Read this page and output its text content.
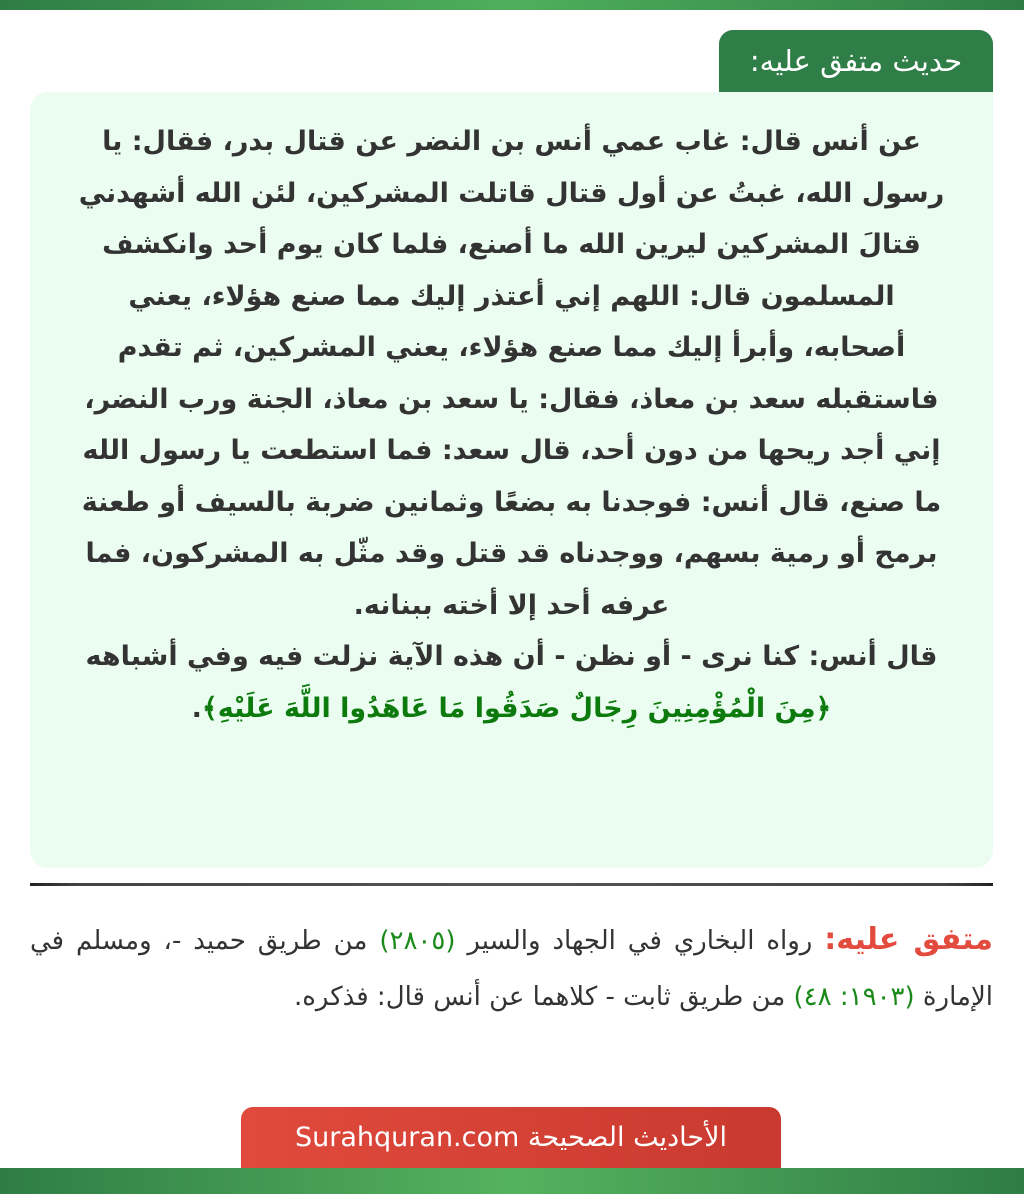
حديث متفق عليه:

عن أنس قال: غاب عمي أنس بن النضر عن قتال بدر، فقال: يا رسول الله، غبتُ عن أول قتال قاتلت المشركين، لئن الله أشهدني قتالَ المشركين ليرين الله ما أصنع، فلما كان يوم أحد وانكشف المسلمون قال: اللهم إني أعتذر إليك مما صنع هؤلاء، يعني أصحابه، وأبرأ إليك مما صنع هؤلاء، يعني المشركين، ثم تقدم فاستقبله سعد بن معاذ، فقال: يا سعد بن معاذ، الجنة ورب النضر، إني أجد ريحها من دون أحد، قال سعد: فما استطعت يا رسول الله ما صنع، قال أنس: فوجدنا به بضعًا وثمانين ضربة بالسيف أو طعنة برمح أو رمية بسهم، ووجدناه قد قتل وقد مثّل به المشركون، فما عرفه أحد إلا أخته ببنانه.

قال أنس: كنا نرى - أو نظن - أن هذه الآية نزلت فيه وفي أشباهه ﴿مِنَ الْمُؤْمِنِينَ رِجَالٌ صَدَقُوا مَا عَاهَدُوا اللَّهَ عَلَيْهِ﴾.

متفق عليه: رواه البخاري في الجهاد والسير (٢٨٠٥) من طريق حميد -، ومسلم في الإمارة (١٩٠٣: ٤٨) من طريق ثابت - كلاهما عن أنس قال: فذكره.

الأحاديث الصحيحة Surahquran.com
